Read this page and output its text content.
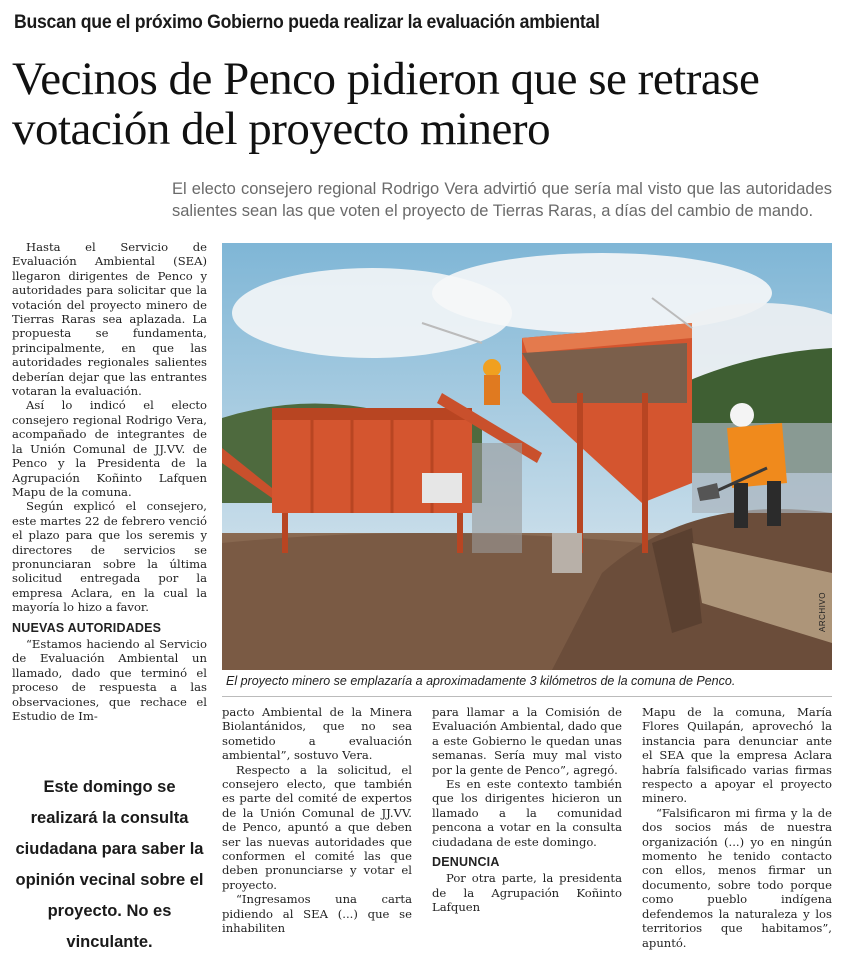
Buscan que el próximo Gobierno pueda realizar la evaluación ambiental
Vecinos de Penco pidieron que se retrase votación del proyecto minero
El electo consejero regional Rodrigo Vera advirtió que sería mal visto que las autoridades salientes sean las que voten el proyecto de Tierras Raras, a días del cambio de mando.

Hasta el Servicio de Evaluación Ambiental (SEA) llegaron dirigentes de Penco y autoridades para solicitar que la votación del proyecto minero de Tierras Raras sea aplazada. La propuesta se fundamenta, principalmente, en que las autoridades regionales salientes deberían dejar que las entrantes votaran la evaluación.

Así lo indicó el electo consejero regional Rodrigo Vera, acompañado de integrantes de la Unión Comunal de JJ.VV. de Penco y la Presidenta de la Agrupación Koñinto Lafquen Mapu de la comuna.

Según explicó el consejero, este martes 22 de febrero venció el plazo para que los seremis y directores de servicios se pronunciaran sobre la última solicitud entregada por la empresa Aclara, en la cual la mayoría lo hizo a favor.

NUEVAS AUTORIDADES

“Estamos haciendo al Servicio de Evaluación Ambiental un llamado, dado que terminó el proceso de respuesta a las observaciones, que rechace el Estudio de Im-

Este domingo se realizará la consulta ciudadana para saber la opinión vecinal sobre el proyecto. No es vinculante.
ARCHIVO
El proyecto minero se emplazaría a aproximadamente 3 kilómetros de la comuna de Penco.

pacto Ambiental de la Minera Biolantánidos, que no sea sometido a evaluación ambiental”, sostuvo Vera.

Respecto a la solicitud, el consejero electo, que también es parte del comité de expertos de la Unión Comunal de JJ.VV. de Penco, apuntó a que deben ser las nuevas autoridades que conformen el comité las que deben pronunciarse y votar el proyecto.

“Ingresamos una carta pidiendo al SEA (...) que se inhabiliten

para llamar a la Comisión de Evaluación Ambiental, dado que a este Gobierno le quedan unas semanas. Sería muy mal visto por la gente de Penco”, agregó.

Es en este contexto también que los dirigentes hicieron un llamado a la comunidad pencona a votar en la consulta ciudadana de este domingo.

DENUNCIA

Por otra parte, la presidenta de la Agrupación Koñinto Lafquen

Mapu de la comuna, María Flores Quilapán, aprovechó la instancia para denunciar ante el SEA que la empresa Aclara habría falsificado varias firmas respecto a apoyar el proyecto minero.

“Falsificaron mi firma y la de dos socios más de nuestra organización (...) yo en ningún momento he tenido contacto con ellos, menos firmar un documento, sobre todo porque como pueblo indígena defendemos la naturaleza y los territorios que habitamos”, apuntó.
